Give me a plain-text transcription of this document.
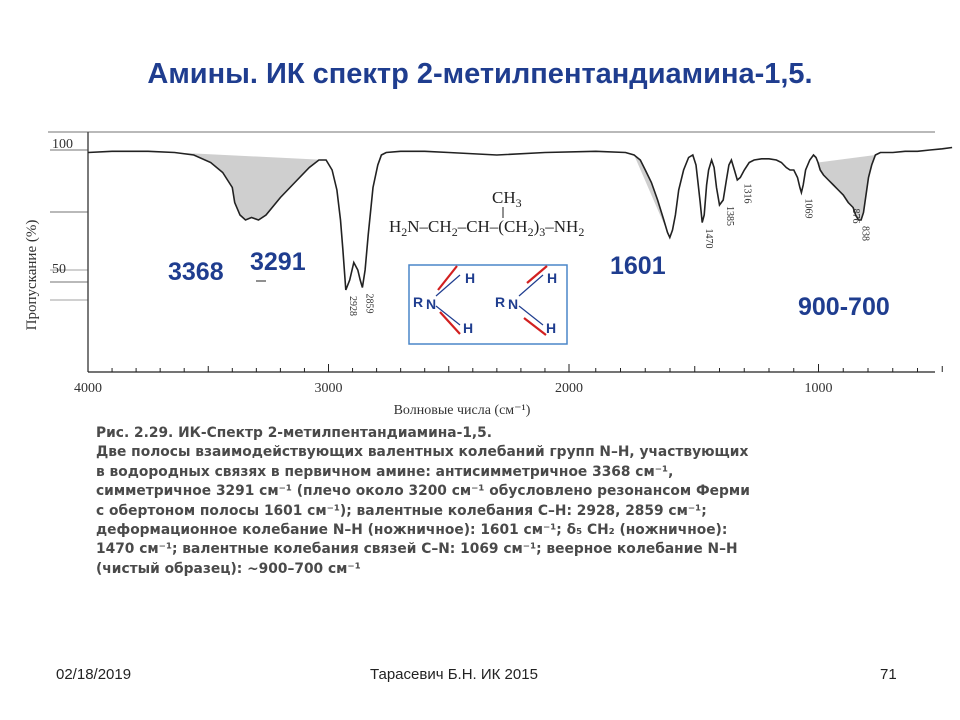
Амины. ИК спектр 2-метилпентандиамина-1,5.
4000	3000	2000	1000
100
50
Волновые числа (см⁻¹)
Пропускание (%)	2928 2859
1470
1385
1316
1069	876
838
$CH_3$
$H_2N-CH_2-CH-(CH_2)_3-NH_2$
R N
H
H
R N
H
H
3368 3291	1601
900-700
Рис. 2.29. ИК-Спектр 2-метилпентандиамина-1,5.
Две полосы взаимодействующих валентных колебаний групп N–H, участвующих
в водородных связях в первичном амине: антисимметричное 3368 см⁻¹,
симметричное 3291 см⁻¹ (плечо около 3200 см⁻¹ обусловлено резонансом Ферми
с обертоном полосы 1601 см⁻¹); валентные колебания C–H: 2928, 2859 см⁻¹;
деформационное колебание N–H (ножничное): 1601 см⁻¹; δ₅ CH₂ (ножничное):
1470 см⁻¹; валентные колебания связей C–N: 1069 см⁻¹; веерное колебание N–H
(чистый образец): ~900–700 см⁻¹
02/18/2019	Тарасевич Б.Н. ИК 2015	71
